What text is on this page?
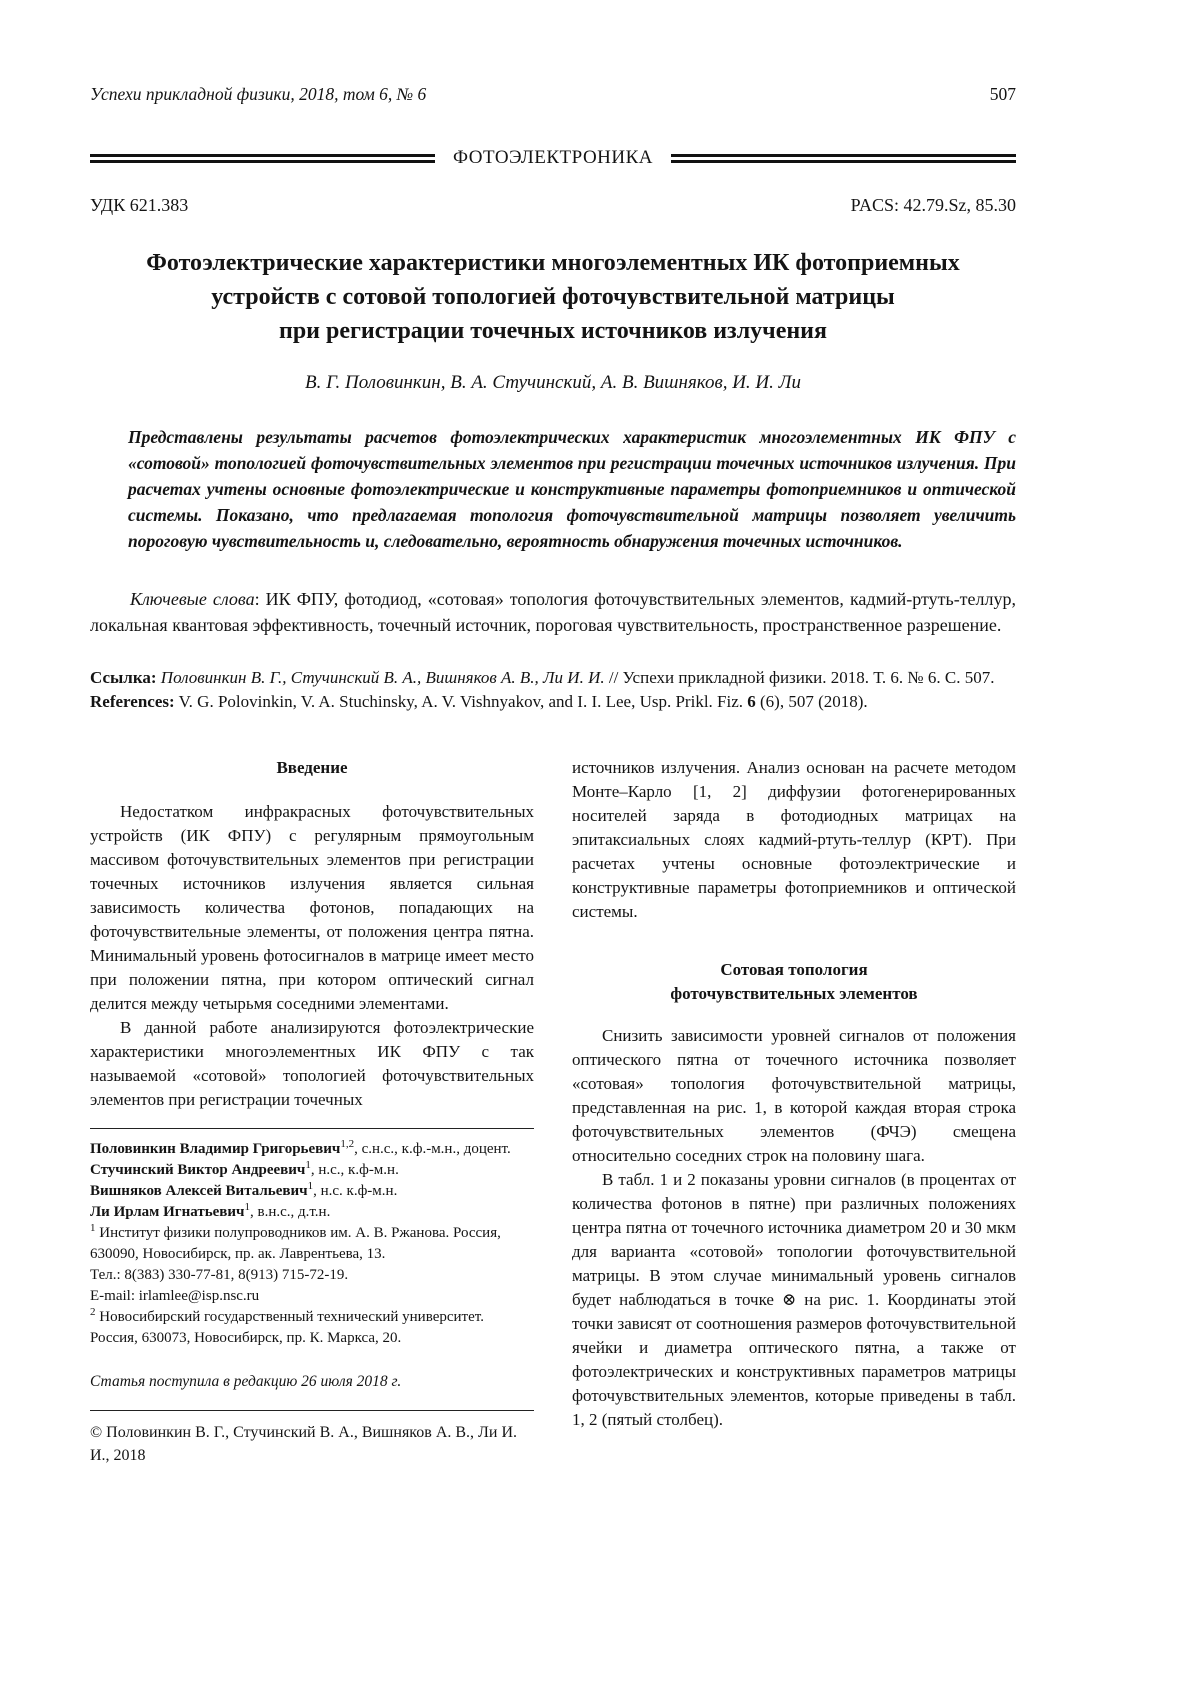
Успехи прикладной физики, 2018, том 6, № 6	507
ФОТОЭЛЕКТРОНИКА
УДК 621.383	PACS: 42.79.Sz, 85.30
Фотоэлектрические характеристики многоэлементных ИК фотоприемных
устройств с сотовой топологией фоточувствительной матрицы
при регистрации точечных источников излучения
В. Г. Половинкин, В. А. Стучинский, А. В. Вишняков, И. И. Ли

Представлены результаты расчетов фотоэлектрических характеристик многоэлементных ИК ФПУ с «сотовой» топологией фоточувствительных элементов при регистрации точечных источников излучения. При расчетах учтены основные фотоэлектрические и конструктивные параметры фотоприемников и оптической системы. Показано, что предлагаемая топология фоточувствительной матрицы позволяет увеличить пороговую чувствительность и, следовательно, вероятность обнаружения точечных источников.

Ключевые слова: ИК ФПУ, фотодиод, «сотовая» топология фоточувствительных элементов, кадмий-ртуть-теллур, локальная квантовая эффективность, точечный источник, пороговая чувствительность, пространственное разрешение.

Ссылка: Половинкин В. Г., Стучинский В. А., Вишняков А. В., Ли И. И. // Успехи прикладной физики. 2018. Т. 6. № 6. С. 507.

References: V. G. Polovinkin, V. A. Stuchinsky, A. V. Vishnyakov, and I. I. Lee, Usp. Prikl. Fiz. 6 (6), 507 (2018).

Введение

Недостатком инфракрасных фоточувствительных устройств (ИК ФПУ) с регулярным прямоугольным массивом фоточувствительных элементов при регистрации точечных источников излучения является сильная зависимость количества фотонов, попадающих на фоточувствительные элементы, от положения центра пятна. Минимальный уровень фотосигналов в матрице имеет место при положении пятна, при котором оптический сигнал делится между четырьмя соседними элементами.

В данной работе анализируются фотоэлектрические характеристики многоэлементных ИК ФПУ с так называемой «сотовой» топологией фоточувствительных элементов при регистрации точечных

Половинкин Владимир Григорьевич$^{1,2}$, с.н.с., к.ф.-м.н., доцент.

Стучинский Виктор Андреевич$^1$, н.с., к.ф-м.н.

Вишняков Алексей Витальевич$^1$, н.с. к.ф-м.н.

Ли Ирлам Игнатьевич$^1$, в.н.с., д.т.н.

$^1$ Институт физики полупроводников им. А. В. Ржанова. Россия, 630090, Новосибирск, пр. ак. Лаврентьева, 13.

Тел.: 8(383) 330-77-81, 8(913) 715-72-19.

E-mail: irlamlee@isp.nsc.ru

$^2$ Новосибирский государственный технический университет. Россия, 630073, Новосибирск, пр. К. Маркса, 20.

Статья поступила в редакцию 26 июля 2018 г.

© Половинкин В. Г., Стучинский В. А., Вишняков А. В., Ли И. И., 2018

источников излучения. Анализ основан на расчете методом Монте–Карло [1, 2] диффузии фотогенерированных носителей заряда в фотодиодных матрицах на эпитаксиальных слоях кадмий-ртуть-теллур (КРТ). При расчетах учтены основные фотоэлектрические и конструктивные параметры фотоприемников и оптической системы.

Сотовая топология
фоточувствительных элементов

Снизить зависимости уровней сигналов от положения оптического пятна от точечного источника позволяет «сотовая» топология фоточувствительной матрицы, представленная на рис. 1, в которой каждая вторая строка фоточувствительных элементов (ФЧЭ) смещена относительно соседних строк на половину шага.

В табл. 1 и 2 показаны уровни сигналов (в процентах от количества фотонов в пятне) при различных положениях центра пятна от точечного источника диаметром 20 и 30 мкм для варианта «сотовой» топологии фоточувствительной матрицы. В этом случае минимальный уровень сигналов будет наблюдаться в точке ⊗ на рис. 1. Координаты этой точки зависят от соотношения размеров фоточувствительной ячейки и диаметра оптического пятна, а также от фотоэлектрических и конструктивных параметров матрицы фоточувствительных элементов, которые приведены в табл. 1, 2 (пятый столбец).
